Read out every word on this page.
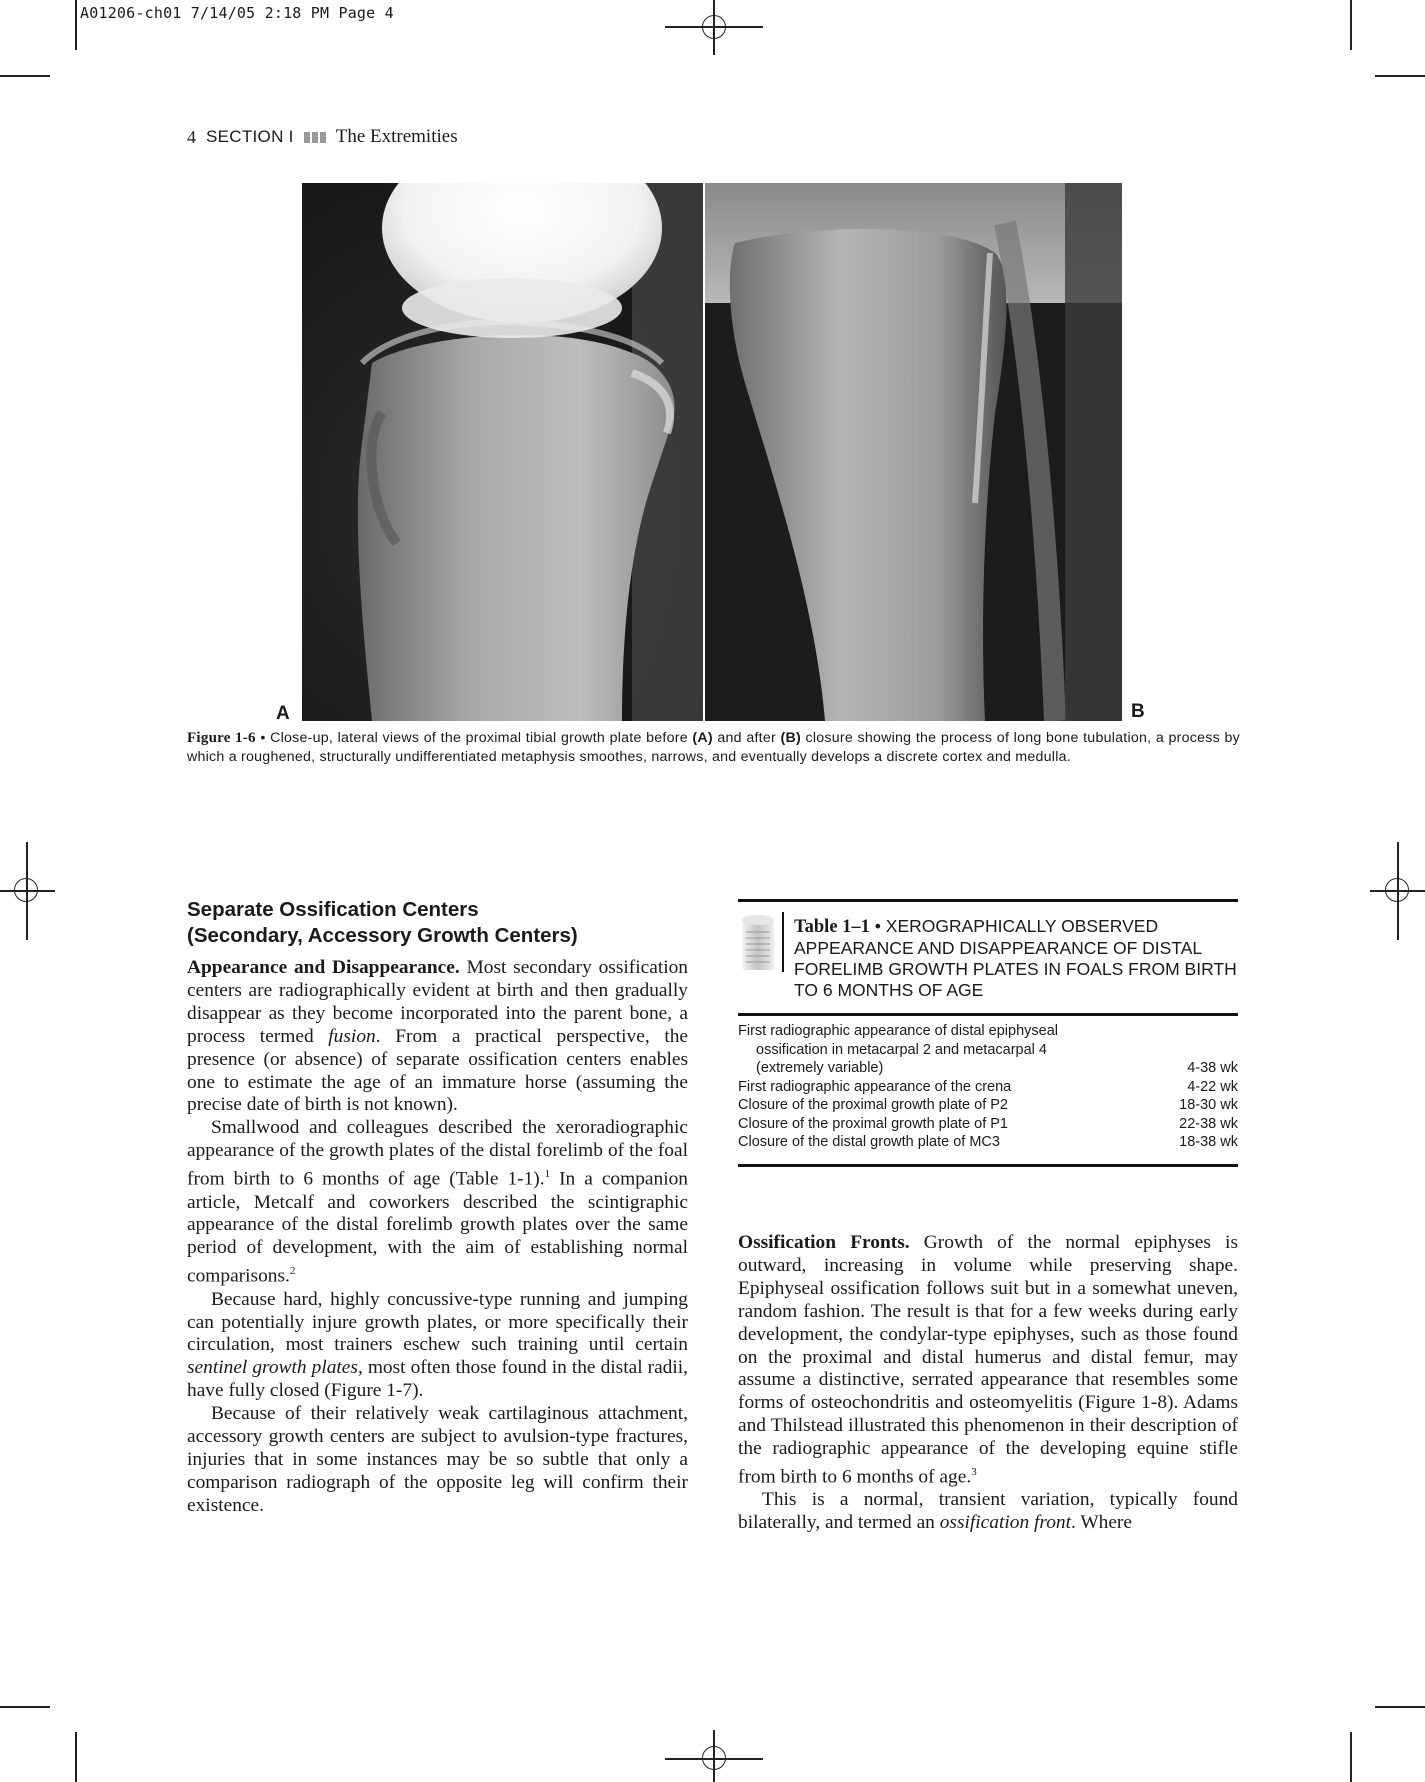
A01206-ch01 7/14/05 2:18 PM Page 4
4 SECTION I The Extremities
A	B
Figure 1-6 • Close-up, lateral views of the proximal tibial growth plate before (A) and after (B) closure showing the process of long bone tubulation, a process by which a roughened, structurally undifferentiated metaphysis smoothes, narrows, and eventually develops a discrete cortex and medulla.
Separate Ossification Centers
(Secondary, Accessory Growth Centers)

Appearance and Disappearance. Most secondary ossification centers are radiographically evident at birth and then gradually disappear as they become incorporated into the parent bone, a process termed fusion. From a practical perspective, the presence (or absence) of separate ossification centers enables one to estimate the age of an immature horse (assuming the precise date of birth is not known).

Smallwood and colleagues described the xeroradiographic appearance of the growth plates of the distal forelimb of the foal from birth to 6 months of age (Table 1-1).$^1$ In a companion article, Metcalf and coworkers described the scintigraphic appearance of the distal forelimb growth plates over the same period of development, with the aim of establishing normal comparisons.$^2$

Because hard, highly concussive-type running and jumping can potentially injure growth plates, or more specifically their circulation, most trainers eschew such training until certain sentinel growth plates, most often those found in the distal radii, have fully closed (Figure 1-7).

Because of their relatively weak cartilaginous attachment, accessory growth centers are subject to avulsion-type fractures, injuries that in some instances may be so subtle that only a comparison radiograph of the opposite leg will confirm their existence.

Table 1–1 • XEROGRAPHICALLY OBSERVED APPEARANCE AND DISAPPEARANCE OF DISTAL FORELIMB GROWTH PLATES IN FOALS FROM BIRTH TO 6 MONTHS OF AGE
First radiographic appearance of distal epiphyseal
ossification in metacarpal 2 and metacarpal 4
(extremely variable)	4-38 wk
First radiographic appearance of the crena	4-22 wk
Closure of the proximal growth plate of P2	18-30 wk
Closure of the proximal growth plate of P1	22-38 wk
Closure of the distal growth plate of MC3	18-38 wk

Ossification Fronts. Growth of the normal epiphyses is outward, increasing in volume while preserving shape. Epiphyseal ossification follows suit but in a somewhat uneven, random fashion. The result is that for a few weeks during early development, the condylar-type epiphyses, such as those found on the proximal and distal humerus and distal femur, may assume a distinctive, serrated appearance that resembles some forms of osteochondritis and osteomyelitis (Figure 1-8). Adams and Thilstead illustrated this phenomenon in their description of the radiographic appearance of the developing equine stifle from birth to 6 months of age.$^3$

This is a normal, transient variation, typically found bilaterally, and termed an ossification front. Where
